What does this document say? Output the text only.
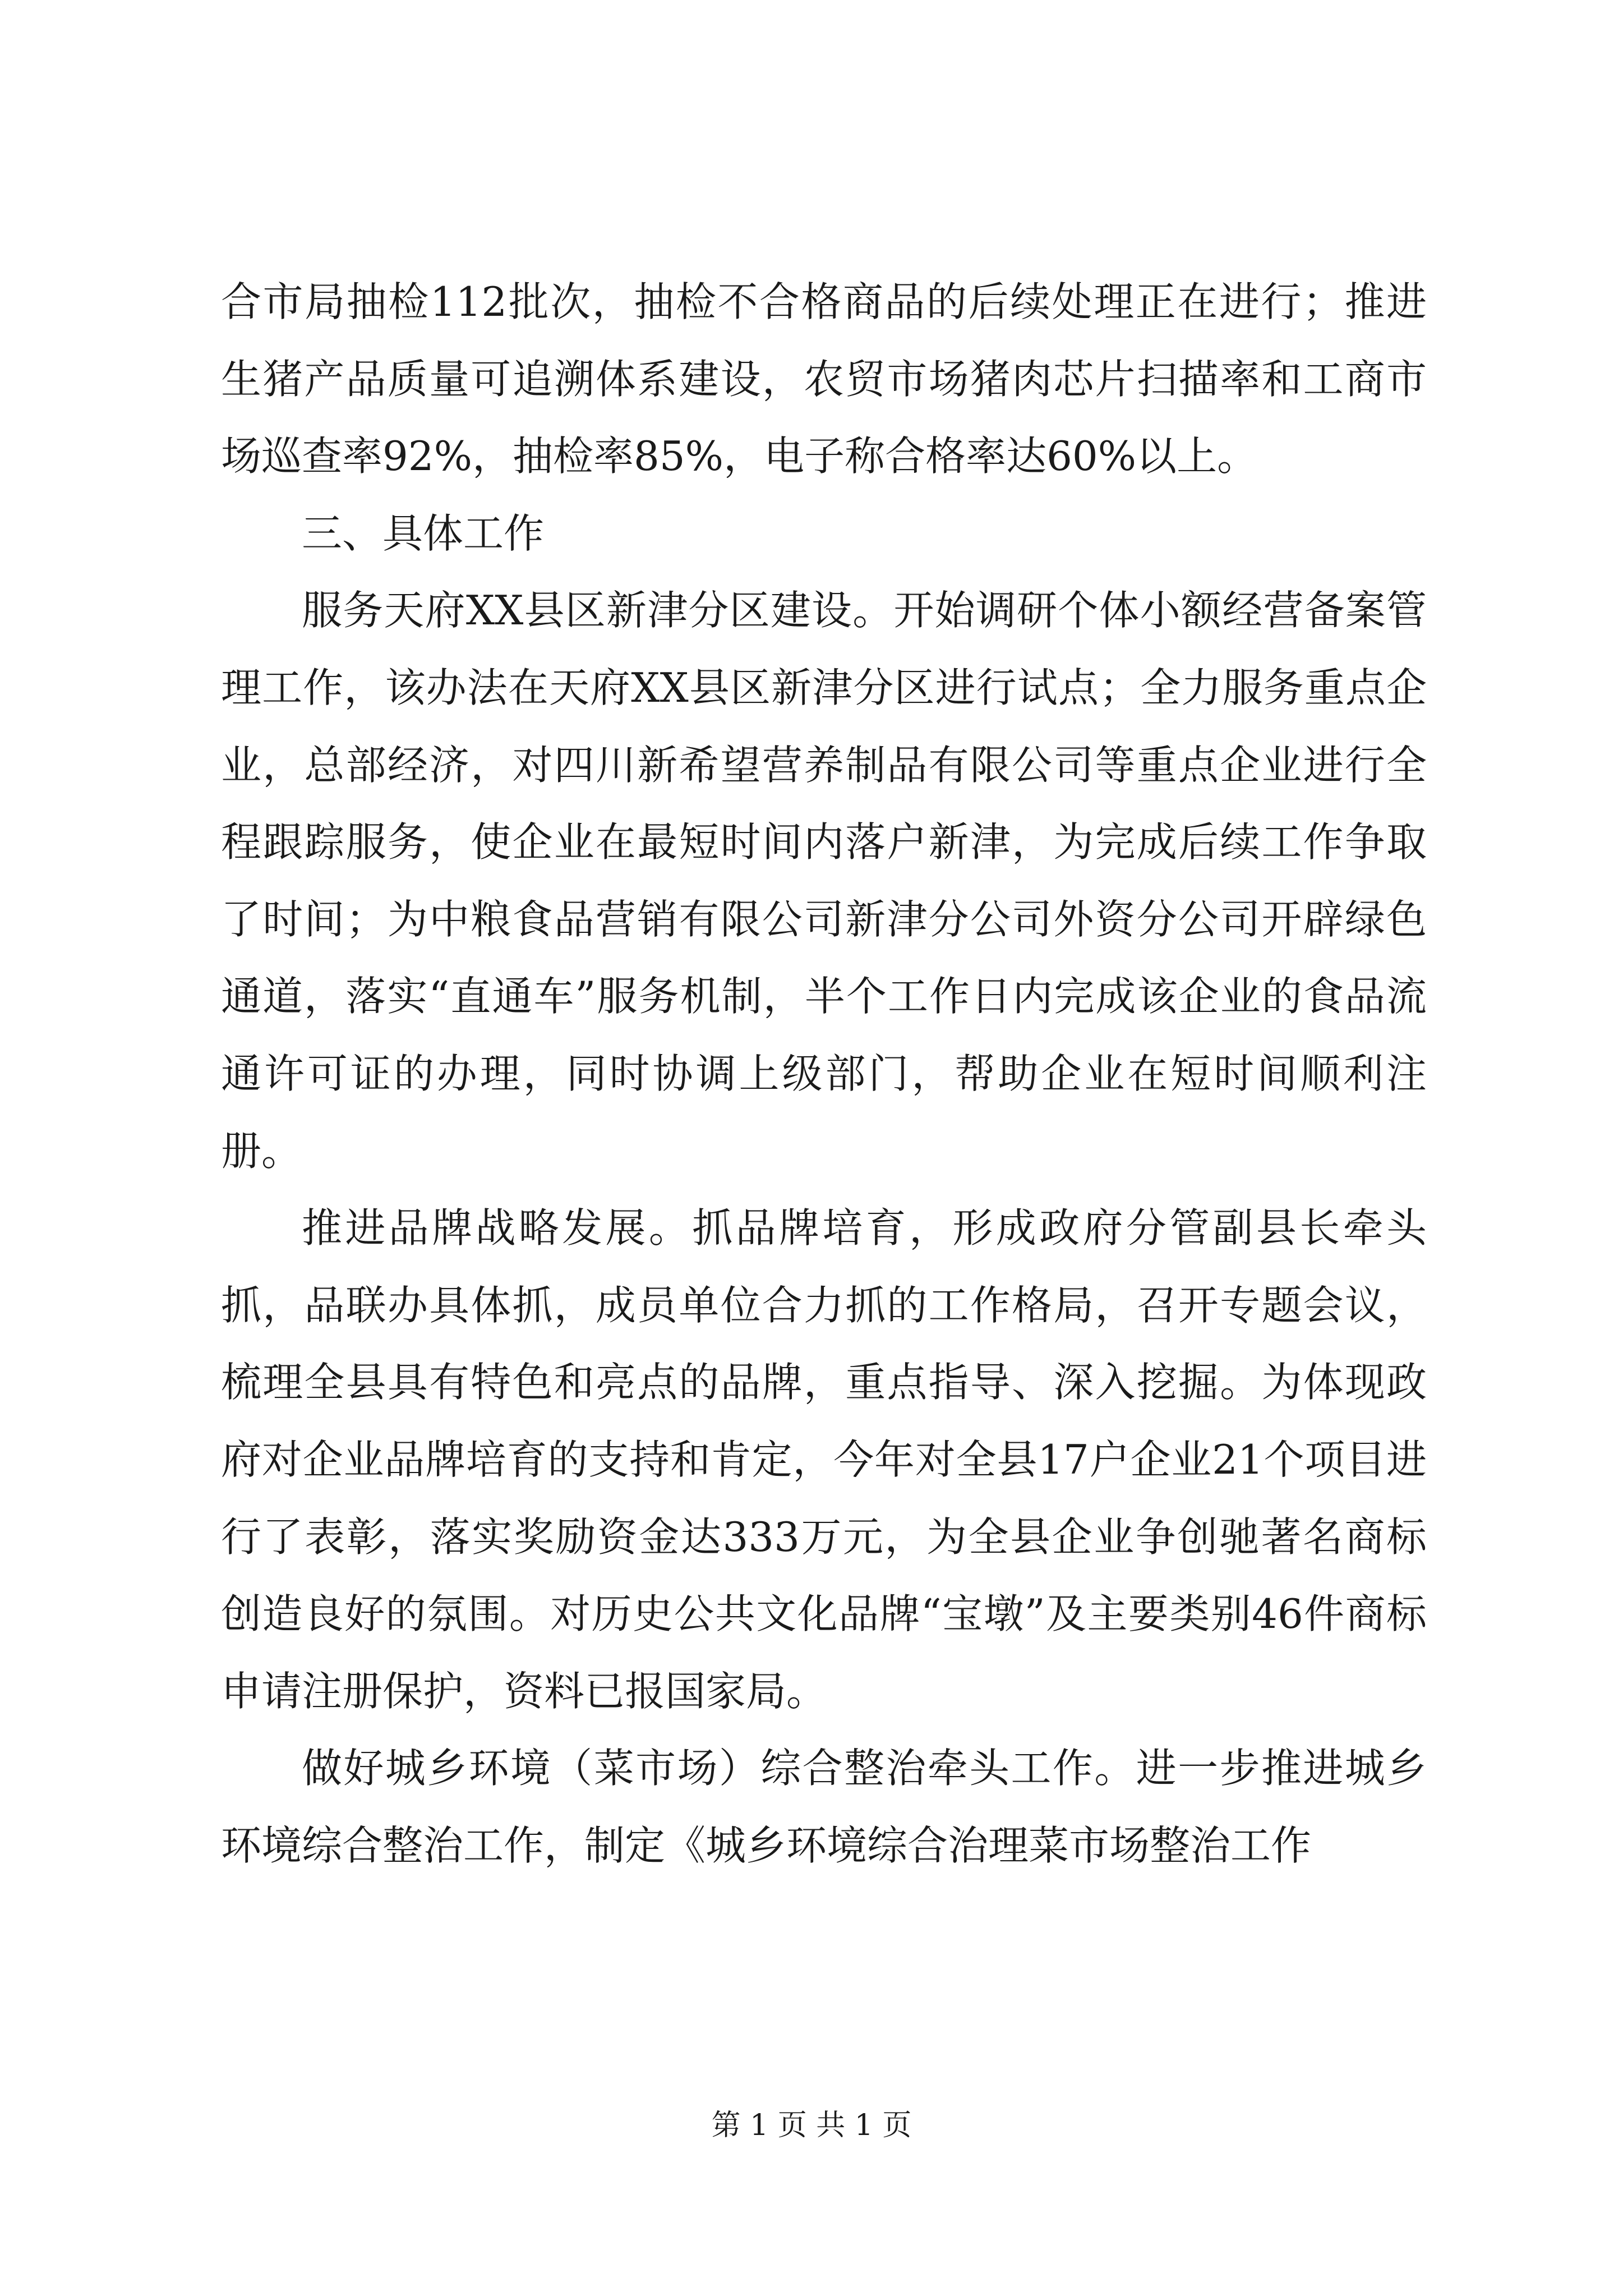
合市局抽检112批次，抽检不合格商品的后续处理正在进行；推进生猪产品质量可追溯体系建设，农贸市场猪肉芯片扫描率和工商市场巡查率92%，抽检率85%，电子称合格率达60%以上。

三、具体工作

服务天府XX县区新津分区建设。开始调研个体小额经营备案管理工作，该办法在天府XX县区新津分区进行试点；全力服务重点企业，总部经济，对四川新希望营养制品有限公司等重点企业进行全程跟踪服务，使企业在最短时间内落户新津，为完成后续工作争取了时间；为中粮食品营销有限公司新津分公司外资分公司开辟绿色通道，落实“直通车”服务机制，半个工作日内完成该企业的食品流通许可证的办理，同时协调上级部门，帮助企业在短时间顺利注册。

推进品牌战略发展。抓品牌培育，形成政府分管副县长牵头抓，品联办具体抓，成员单位合力抓的工作格局，召开专题会议，梳理全县具有特色和亮点的品牌，重点指导、深入挖掘。为体现政府对企业品牌培育的支持和肯定，今年对全县17户企业21个项目进行了表彰，落实奖励资金达333万元，为全县企业争创驰著名商标创造良好的氛围。对历史公共文化品牌“宝墩”及主要类别46件商标申请注册保护，资料已报国家局。

做好城乡环境（菜市场）综合整治牵头工作。进一步推进城乡环境综合整治工作，制定《城乡环境综合治理菜市场整治工作

第 1 页 共 1 页
